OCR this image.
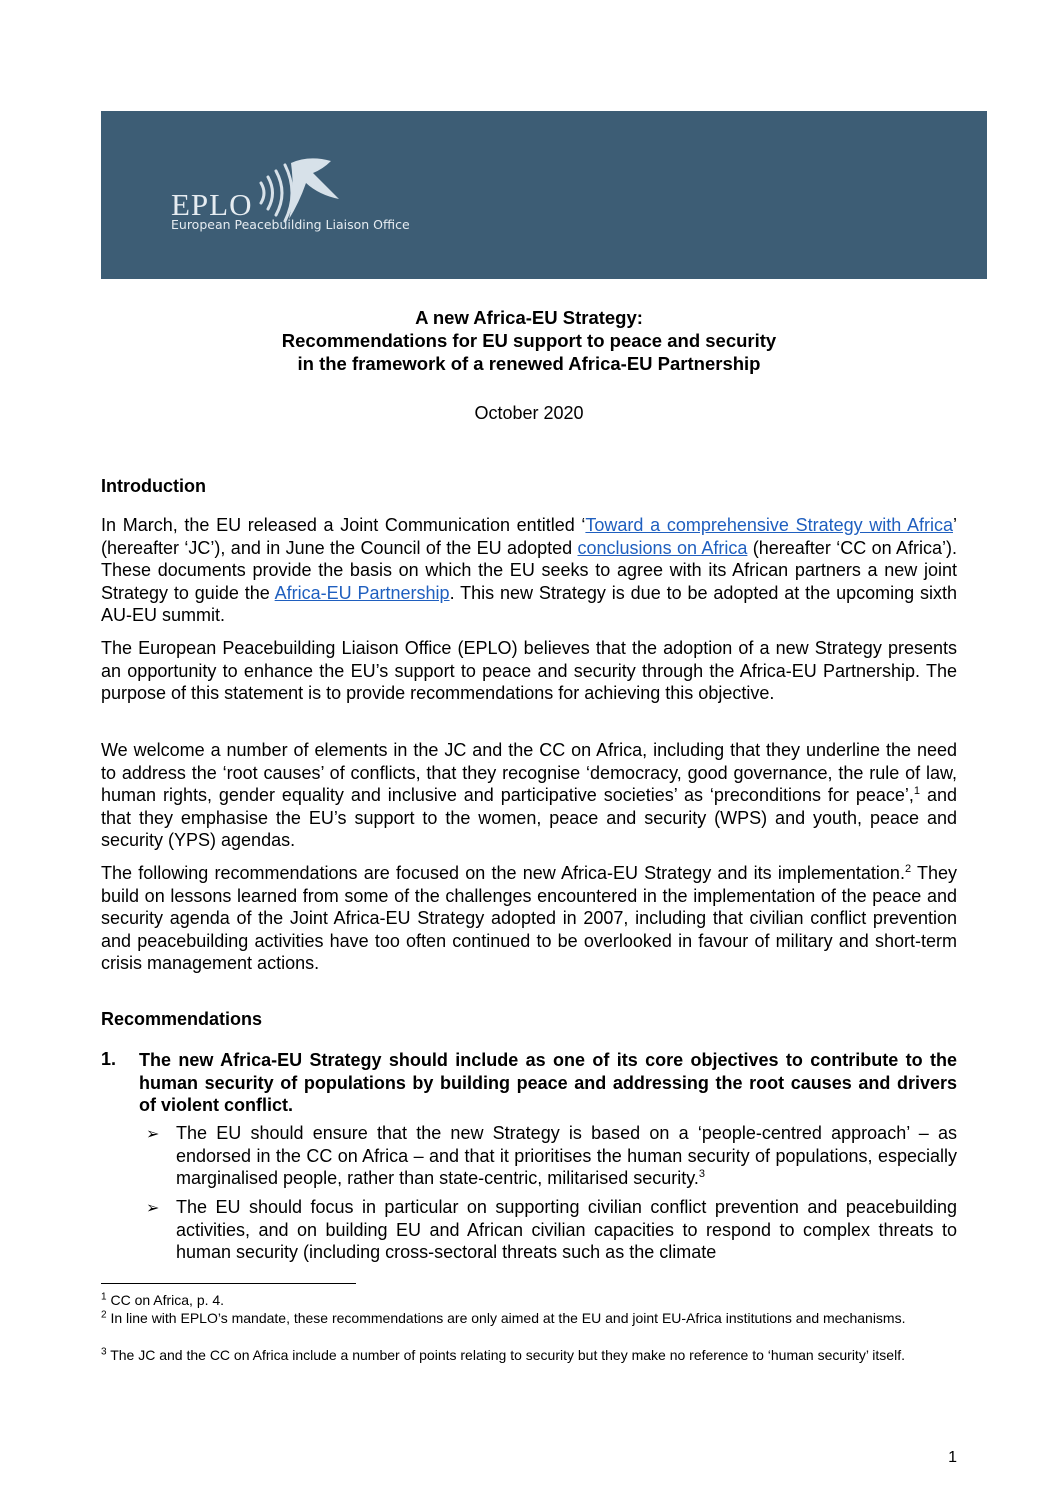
EPLO
European Peacebuilding Liaison Office
A new Africa-EU Strategy:
Recommendations for EU support to peace and security
in the framework of a renewed Africa-EU Partnership
October 2020
Introduction
In March, the EU released a Joint Communication entitled ‘Toward a comprehensive Strategy with Africa’ (hereafter ‘JC’), and in June the Council of the EU adopted conclusions on Africa (hereafter ‘CC on Africa’). These documents provide the basis on which the EU seeks to agree with its African partners a new joint Strategy to guide the Africa-EU Partnership. This new Strategy is due to be adopted at the upcoming sixth AU-EU summit.
The European Peacebuilding Liaison Office (EPLO) believes that the adoption of a new Strategy presents an opportunity to enhance the EU’s support to peace and security through the Africa-EU Partnership. The purpose of this statement is to provide recommendations for achieving this objective.
We welcome a number of elements in the JC and the CC on Africa, including that they underline the need to address the ‘root causes’ of conflicts, that they recognise ‘democracy, good governance, the rule of law, human rights, gender equality and inclusive and participative societies’ as ‘preconditions for peace’,$^1$ and that they emphasise the EU’s support to the women, peace and security (WPS) and youth, peace and security (YPS) agendas.
The following recommendations are focused on the new Africa-EU Strategy and its implementation.$^2$ They build on lessons learned from some of the challenges encountered in the implementation of the peace and security agenda of the Joint Africa-EU Strategy adopted in 2007, including that civilian conflict prevention and peacebuilding activities have too often continued to be overlooked in favour of military and short-term crisis management actions.
Recommendations
1. The new Africa-EU Strategy should include as one of its core objectives to contribute to the human security of populations by building peace and addressing the root causes and drivers of violent conflict.
➢ The EU should ensure that the new Strategy is based on a ‘people-centred approach’ – as endorsed in the CC on Africa – and that it prioritises the human security of populations, especially marginalised people, rather than state-centric, militarised security.$^3$
➢ The EU should focus in particular on supporting civilian conflict prevention and peacebuilding activities, and on building EU and African civilian capacities to respond to complex threats to human security (including cross-sectoral threats such as the climate
$^1$ CC on Africa, p. 4.
$^2$ In line with EPLO’s mandate, these recommendations are only aimed at the EU and joint EU-Africa institutions and mechanisms.
$^3$ The JC and the CC on Africa include a number of points relating to security but they make no reference to ‘human security’ itself.
1
